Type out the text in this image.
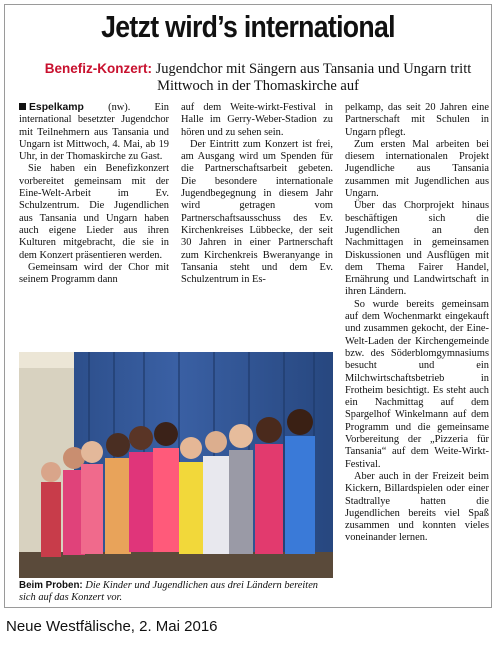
Jetzt wird’s international
Benefiz-Konzert: Jugendchor mit Sängern aus Tansania und Ungarn tritt Mittwoch in der Thomaskirche auf

Espelkamp (nw). Ein international besetzter Jugendchor mit Teilnehmern aus Tansania und Ungarn ist Mittwoch, 4. Mai, ab 19 Uhr, in der Thomaskirche zu Gast.

Sie haben ein Benefizkonzert vorbereitet gemeinsam mit der Eine-Welt-Arbeit im Ev. Schulzentrum. Die Jugendlichen aus Tansania und Ungarn haben auch eigene Lieder aus ihren Kulturen mitgebracht, die sie in dem Konzert präsentieren werden.

Gemeinsam wird der Chor mit seinem Programm dann

auf dem Weite-wirkt-Festival in Halle im Gerry-Weber-Stadion zu hören und zu sehen sein.

Der Eintritt zum Konzert ist frei, am Ausgang wird um Spenden für die Partnerschaftsarbeit gebeten. Die besondere internationale Jugendbegegnung in diesem Jahr wird getragen vom Partnerschaftsausschuss des Ev. Kirchenkreises Lübbecke, der seit 30 Jahren in einer Partnerschaft zum Kirchenkreis Bweranyange in Tansania steht und dem Ev. Schulzentrum in Es-

pelkamp, das seit 20 Jahren eine Partnerschaft mit Schulen in Ungarn pflegt.

Zum ersten Mal arbeiten bei diesem internationalen Projekt Jugendliche aus Tansania zusammen mit Jugendlichen aus Ungarn.

Über das Chorprojekt hinaus beschäftigen sich die Jugendlichen an den Nachmittagen in gemeinsamen Diskussionen und Ausflügen mit dem Thema Fairer Handel, Ernährung und Landwirtschaft in ihren Ländern.

So wurde bereits gemeinsam auf dem Wochenmarkt eingekauft und zusammen gekocht, der Eine-Welt-Laden der Kirchengemeinde bzw. des Söderblomgymnasiums besucht und ein Milchwirtschaftsbetrieb in Frotheim besichtigt. Es steht auch ein Nachmittag auf dem Spargelhof Winkelmann auf dem Programm und die gemeinsame Vorbereitung der „Pizzeria für Tansania“ auf dem Weite-Wirkt-Festival.

Aber auch in der Freizeit beim Kickern, Billardspielen oder einer Stadtrallye hatten die Jugendlichen bereits viel Spaß zusammen und konnten vieles voneinander lernen.

Beim Proben: Die Kinder und Jugendlichen aus drei Ländern bereiten sich auf das Konzert vor.
Neue Westfälische, 2. Mai 2016
